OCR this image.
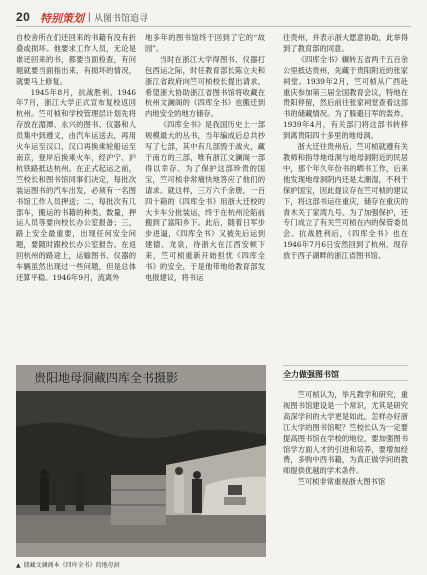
20 特别策划 | 从图书馆追寻

自校舍所在们还回来的书籍有没有折叠或损坏。他要求工作人员，无论是谁还回来的书，都要当面检查，有问题就要当面指出来，有损坏的情况，就要马上修复。

1945年8月，抗战胜利。1946年7月，浙江大学正式宣布复校返回杭州。竺可桢和学校管理层计划先将存放在湄潭、永兴的图书、仪器和人员集中到遵义，由汽车运送去，再用火车运至汉口，汉口再换乘轮船运至南京，登岸后换乘火车，经沪宁、沪杭铁路抵达杭州。在正式起运之前，竺校长和图书馆同事们决定，每批次装运图书的汽车出发，必须有一名图书馆工作人员押送；二，每批次有几部车，搬运的书籍的种类、数量，押运人员等要向校长办公室报备；三，路上安全最重要，出现任何安全问题，要随时跟校长办公室报告。在返回杭州的路途上，运输图书、仪器的车辆虽然出现过一些问题，但是总体还算平稳。1946年9月，流离外

地多年的图书馆终于回到了它的“故园”。

当时在浙江大学得图书、仪器打包西运之际，时任教育部长陈立夫和浙江省政府向竺可桢校长提出请求，希望浙大协助浙江省图书馆将收藏在杭州文澜阁的《四库全书》也搬迁到内地安全的地方储存。

《四库全书》是我国历史上一部规模最大的丛书，当年编成后总共抄写了七部，其中有几部毁于战火，藏于南方的三部，唯有浙江文澜阁一部得以幸存。为了保护这部珍贵的国宝，竺可桢非常痛快地答应了他们的请求。就这样，三万六千余册，一百四十箱的《四库全书》用浙大迁校的大卡车分批装运，终于在杭州沦陷前搬到了富阳乡下。此后，随着日军步步进逼，《四库全书》又被先后运到建德、龙泉，待浙大在江西安顿下来，竺可桢重新开始担忧《四库全书》的安全，于是他带地给教育部发电报建议，将书运

往贵州，并表示浙大愿意协助，此举得到了教育部的同意。

《四库全书》辗转五省两千五百余公里抵达贵州，先藏于贵阳附近的张家祠堂。1939年2月，竺可桢从广西赴重庆参加第三届全国教育会议，特地在贵阳停留，然后前往张家祠堂查看这部书的储藏情况。为了躲避日军的轰炸，1939年4月，有关部门将这部书转移到离贵阳四十多里的地母洞。

浙大迁往贵州后，竺可桢就遵有关教师和指导地母洞与地母洞附近的民居中，那个年久年份书的晒书工作，后来他发现地母洞阴内还是太潮湿，不利于保护国宝，因此提议存在竺可桢的建议下，将这部书运往重庆，储存在重庆的青木关丁家湾九号。为了加强保护，还专门成立了有关竺可桢在内的保管委员会。抗战胜利后，《四库全书》也在1946年7月6日安然回到了杭州，现存放于西子湖畔的浙江省图书馆。

贵阳地母洞藏四库全书摄影
▲ 储藏文澜阁本《四库全书》的地母洞
全力做强图书馆

竺可桢认为，举凡教学和研究，重视图书馆建设是一个常识，尤其是研究高深学问的大学更是如此。怎样办好浙江大学的图书馆呢？竺校长认为一定要提高图书馆在学校的地位，要加强图书馆学方面人才的引进和培养，要增加经费，多购中西书籍，为真正做学问的教师提供优越的学术条件。

竺可桢非常重视浙大图书馆
